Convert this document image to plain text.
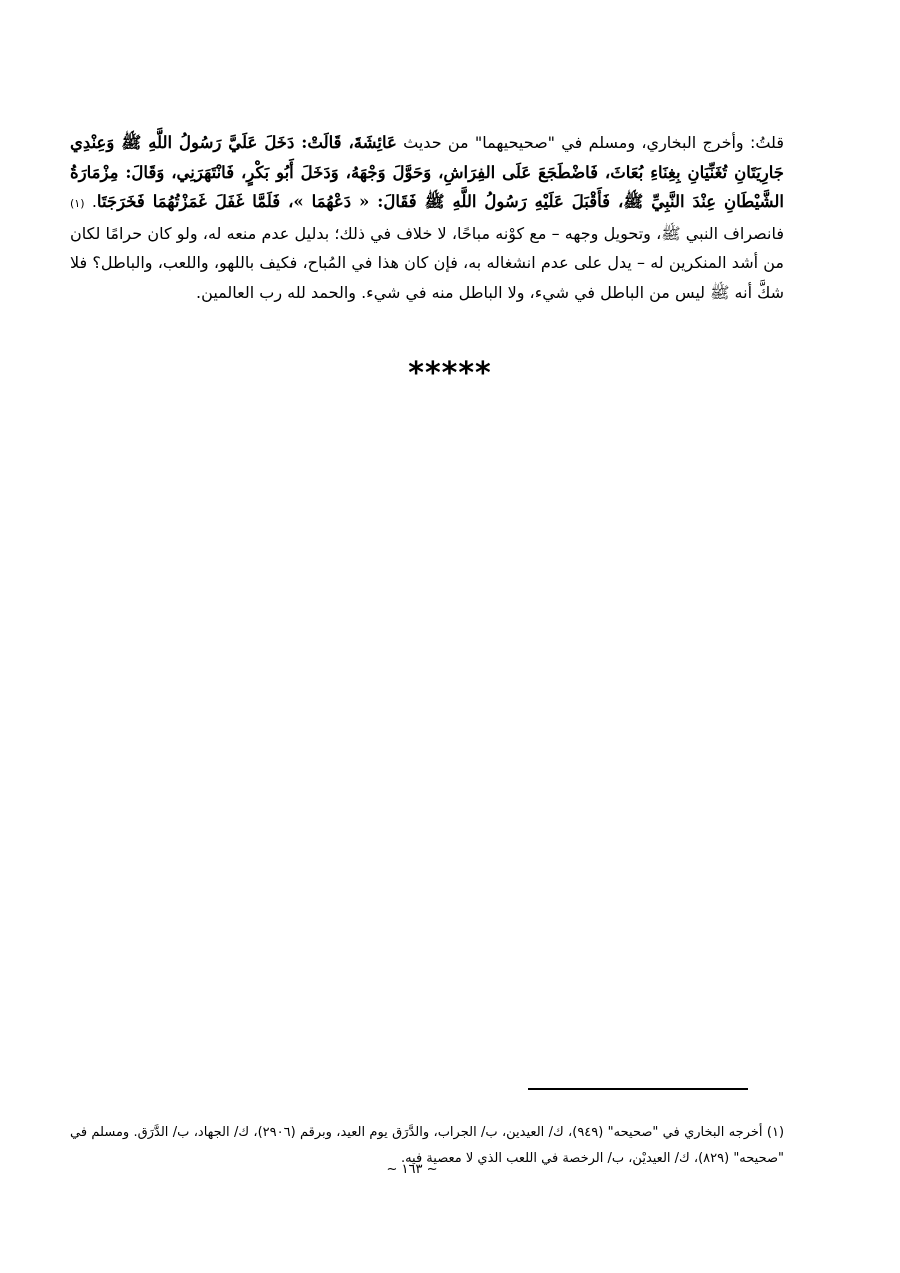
قلتُ: وأخرج البخاري، ومسلم في "صحيحيهما" من حديث عَائِشَةَ، قَالَتْ: دَخَلَ عَلَيَّ رَسُولُ اللَّهِ ﷺ وَعِنْدِي جَارِيَتَانِ تُغَنِّيَانِ بِغِنَاءِ بُعَاثَ، فَاضْطَجَعَ عَلَى الفِرَاشِ، وَحَوَّلَ وَجْهَهُ، وَدَخَلَ أَبُو بَكْرٍ، فَانْتَهَرَنِي، وَقَالَ: مِزْمَارَةُ الشَّيْطَانِ عِنْدَ النَّبِيِّ ﷺ، فَأَقْبَلَ عَلَيْهِ رَسُولُ اللَّهِ ﷺ فَقَالَ: « دَعْهُمَا »، فَلَمَّا غَفَلَ غَمَزْتُهُمَا فَخَرَجَتَا. (١) فانصراف النبي ﷺ، وتحويل وجهه – مع كوْنه مباحًا، لا خلاف في ذلك؛ بدليل عدم منعه له، ولو كان حرامًا لكان من أشد المنكرين له – يدل على عدم انشغاله به، فإن كان هذا في المُباح، فكيف باللهو، واللعب، والباطل؟ فلا شكَّ أنه ﷺ ليس من الباطل في شيء، ولا الباطل منه في شيء. والحمد لله رب العالمين.

*****

(١) أخرجه البخاري في "صحيحه" (٩٤٩)، ك/ العيدين، ب/ الجراب، والدَّرَق يوم العيد، وبرقم (٢٩٠٦)، ك/ الجهاد، ب/ الدَّرَق. ومسلم في "صحيحه" (٨٢٩)، ك/ العيديْن، ب/ الرخصة في اللعب الذي لا معصية فيه.

~ ١٦٣ ~
